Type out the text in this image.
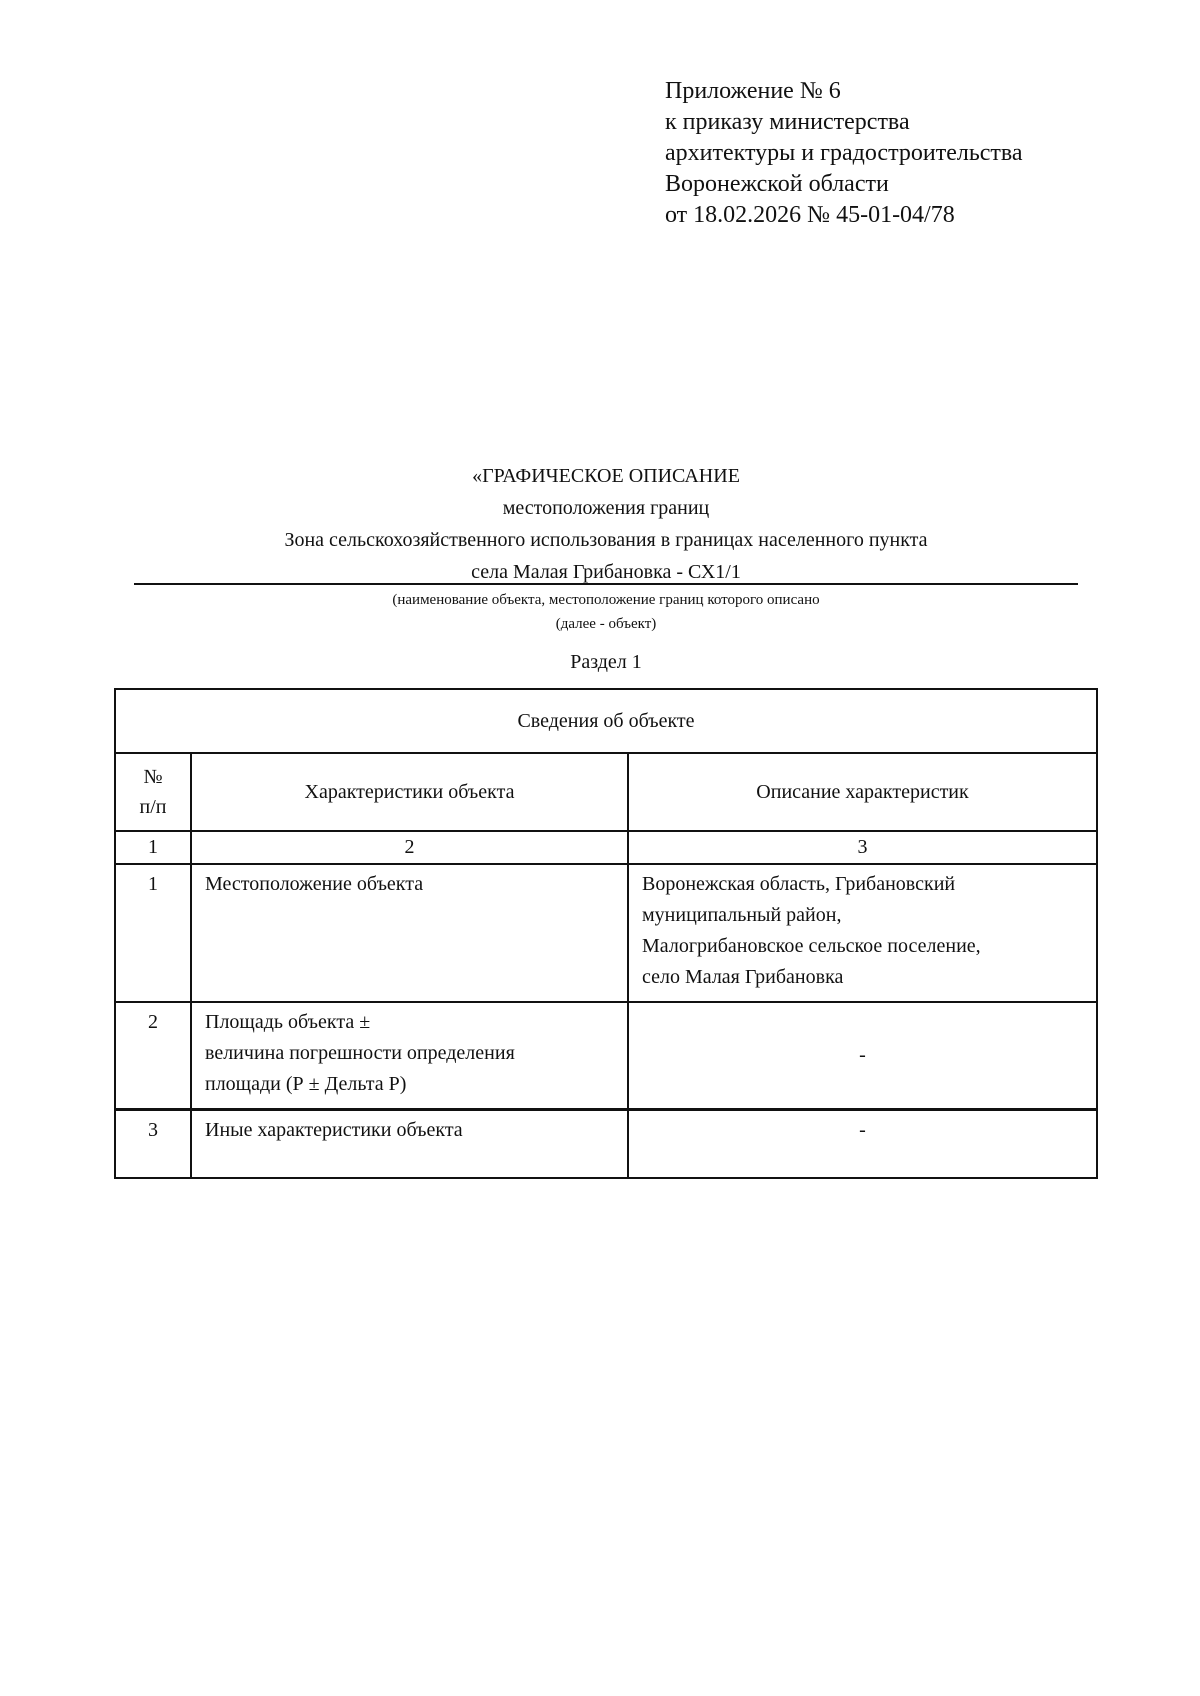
Приложение № 6
к приказу министерства
архитектуры и градостроительства
Воронежской области
от 18.02.2026 № 45-01-04/78
«ГРАФИЧЕСКОЕ ОПИСАНИЕ
местоположения границ
Зона сельскохозяйственного использования в границах населенного пункта
села Малая Грибановка - СХ1/1
(наименование объекта, местоположение границ которого описано
(далее - объект)
Раздел 1
Сведения об объекте		

№
п/п	Характеристики объекта	Описание характеристик
1	2	3
1	Местоположение объекта	Воронежская область, Грибановский
муниципальный район,
Малогрибановское сельское поселение,
село Малая Грибановка

2	Площадь объекта ±
величина погрешности определения
площади (Р ± Дельта Р)	-
3	Иные характеристики объекта	-
